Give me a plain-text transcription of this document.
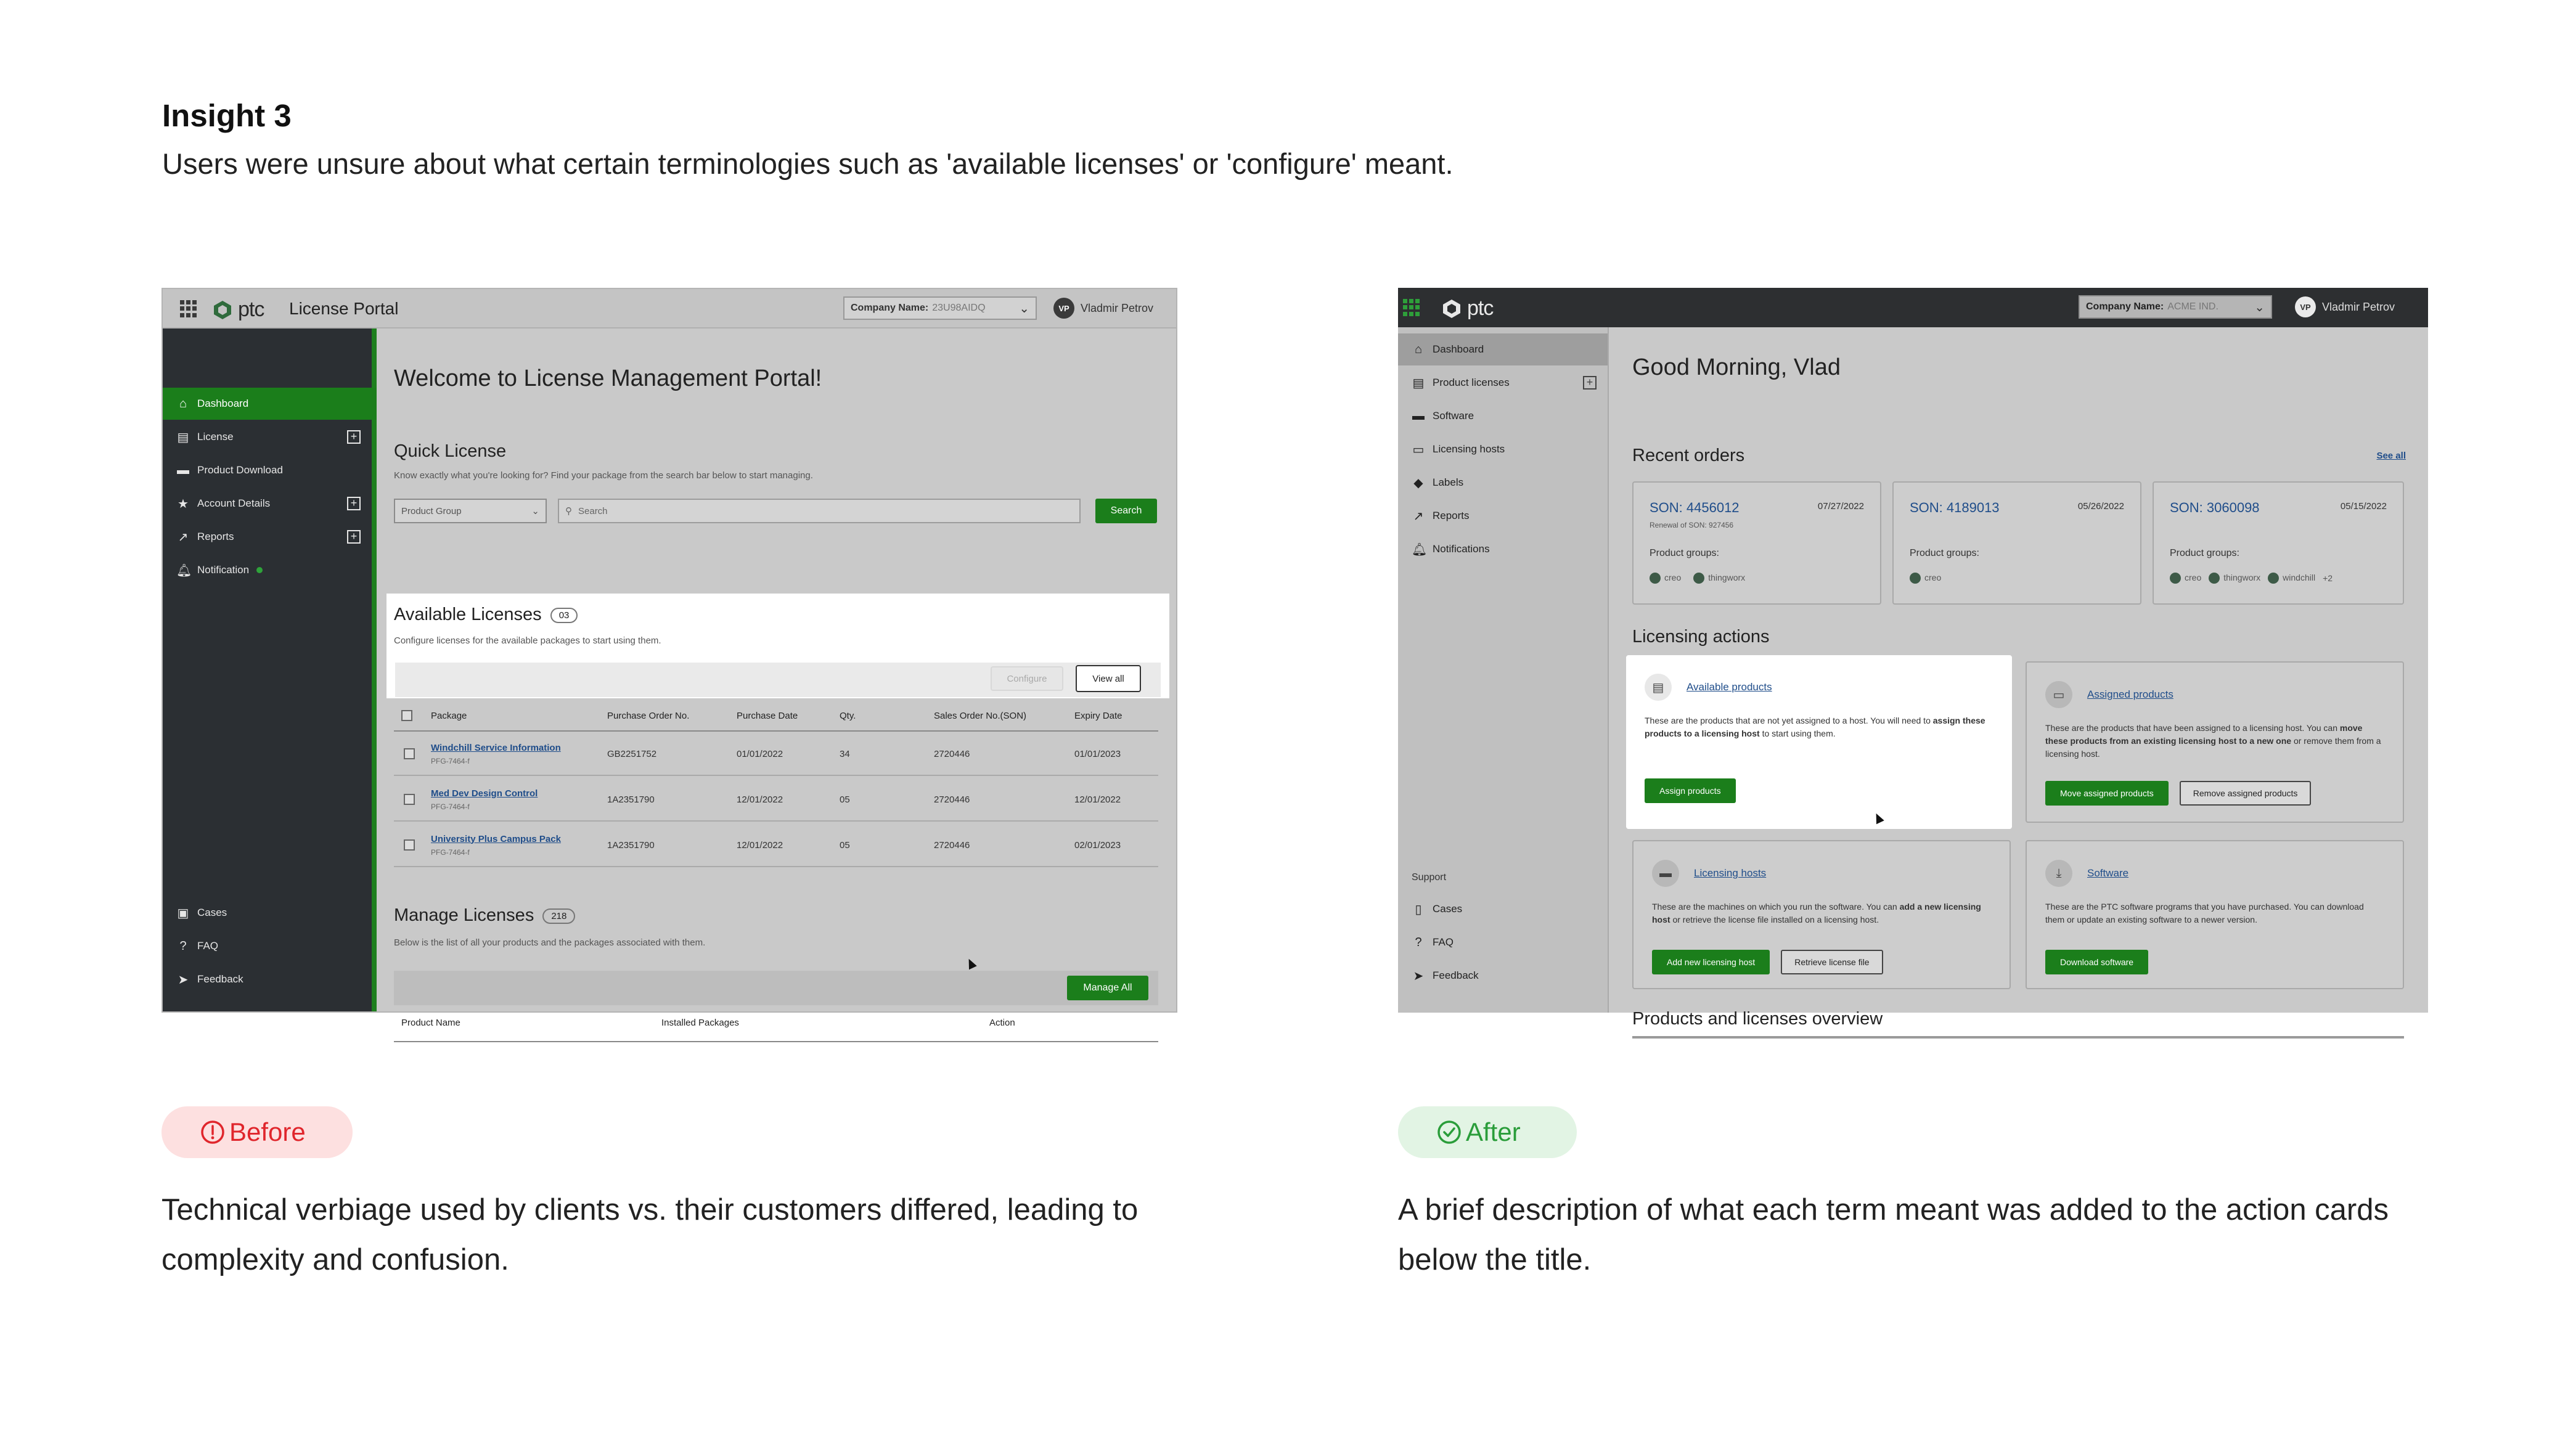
Insight 3
Users were unsure about what certain terminologies such as 'available licenses' or 'configure' meant.
ptc License Portal	Company Name: 23U98AIDQ	⌄	VP	Vladmir Petrov
⌂ Dashboard
▤ License	+
▬ Product Download
★ Account Details	+
↗ Reports	+
🔔︎ Notification
▣ Cases
?	FAQ
➤ Feedback
Welcome to License Management Portal!
Quick License
Know exactly what you're looking for? Find your package from the search bar below to start managing.
Product Group	⌄	⚲ Search	Search
Available Licenses 03
Configure licenses for the available packages to start using them.
Configure	View all
Package	Purchase Order No.	Purchase Date	Qty.	Sales Order No.(SON)	Expiry Date
Windchill Service Information
PFG-7464-f
GB2251752	01/01/2022	34	2720446	01/01/2023
Med Dev Design Control
PFG-7464-f
1A2351790	12/01/2022	05	2720446	12/01/2022
University Plus Campus Pack
PFG-7464-f
1A2351790	12/01/2022	05	2720446	02/01/2023
Manage Licenses 218
Below is the list of all your products and the packages associated with them.
Manage All
Product Name	Installed Packages	Action
ptc	Company Name: ACME IND.	⌄	VP	Vladmir Petrov
⌂ Dashboard
▤ Product licenses	+
▬ Software
▭ Licensing hosts
◆ Labels
↗ Reports
🔔︎ Notifications
Support
▯	Cases
?	FAQ
➤ Feedback
Good Morning, Vlad
Recent orders	See all
SON: 4456012	07/27/2022
Renewal of SON: 927456
Product groups:
creo	thingworx
SON: 4189013	05/26/2022
Product groups:
creo
SON: 3060098	05/15/2022
Product groups:
creo	thingworx	windchill +2
Licensing actions
▤	Available products
These are the products that are not yet assigned to a host. You will need to assign these products to a licensing host to start using them.
Assign products
▭	Assigned products
These are the products that have been assigned to a licensing host. You can move these products from an existing licensing host to a new one or remove them from a licensing host.
Move assigned products	Remove assigned products
▬	Licensing hosts
These are the machines on which you run the software. You can add a new licensing host or retrieve the license file installed on a licensing host.
Add new licensing host	Retrieve license file
⤓	Software
These are the PTC software programs that you have purchased. You can download them or update an existing software to a newer version.
Download software
Products and licenses overview
Before	After
Technical verbiage used by clients vs. their customers differed, leading to complexity and confusion.
A brief description of what each term meant was added to the action cards below the title.
